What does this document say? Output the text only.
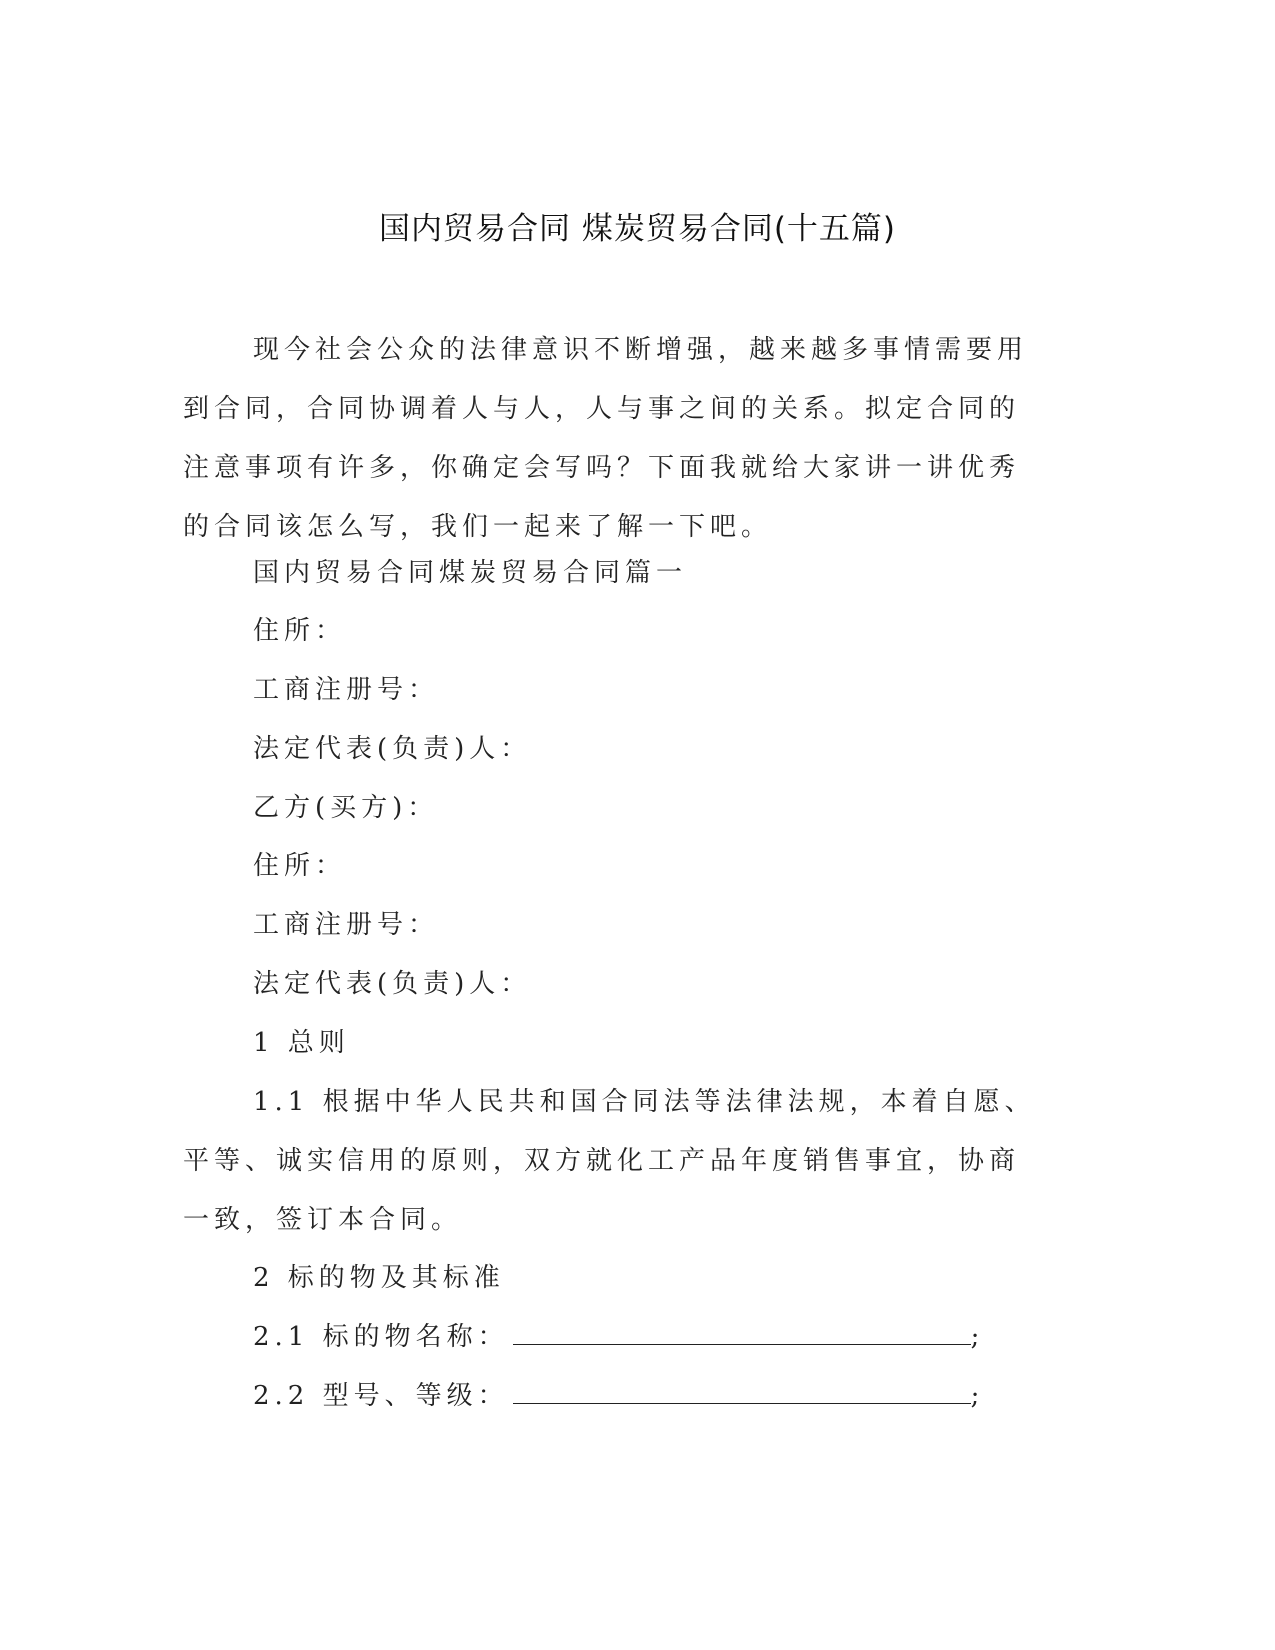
国内贸易合同 煤炭贸易合同(十五篇)

现今社会公众的法律意识不断增强，越来越多事情需要用到合同，合同协调着人与人，人与事之间的关系。拟定合同的注意事项有许多，你确定会写吗？下面我就给大家讲一讲优秀的合同该怎么写，我们一起来了解一下吧。

国内贸易合同煤炭贸易合同篇一
住所：
工商注册号：
法定代表(负责)人：
乙方(买方)：
住所：
工商注册号：
法定代表(负责)人：
1 总则

1.1 根据中华人民共和国合同法等法律法规，本着自愿、平等、诚实信用的原则，双方就化工产品年度销售事宜，协商一致，签订本合同。

2 标的物及其标准
2.1 标的物名称：	;
2.2 型号、等级：	;
